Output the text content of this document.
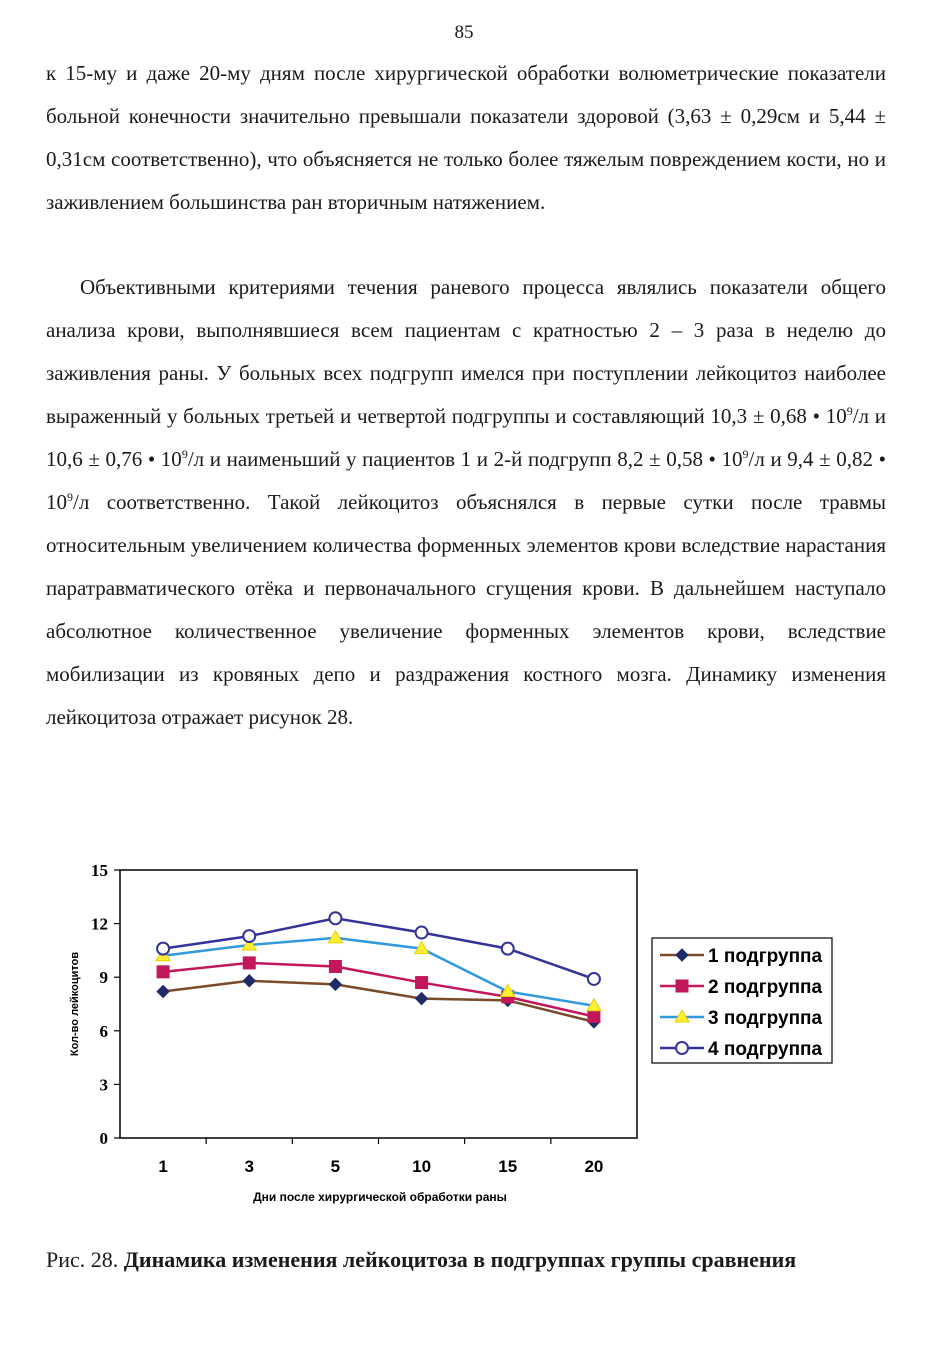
85

к 15-му и даже 20-му дням после хирургической обработки волюметрические показатели больной конечности значительно превышали показатели здоровой (3,63 ± 0,29см и 5,44 ± 0,31см соответственно), что объясняется не только более тяжелым повреждением кости, но и заживлением большинства ран вторичным натяжением.

Объективными критериями течения раневого процесса являлись показатели общего анализа крови, выполнявшиеся всем пациентам с кратностью 2 – 3 раза в неделю до заживления раны. У больных всех подгрупп имелся при поступлении лейкоцитоз наиболее выраженный у больных третьей и четвертой подгруппы и составляющий 10,3 ± 0,68 • $10^9/л$ и 10,6 ± 0,76 • $10^9/л$ и наименьший у пациентов 1 и 2-й подгрупп 8,2 ± 0,58 • $10^9/л$ и 9,4 ± 0,82 • $10^9/л$ соответственно. Такой лейкоцитоз объяснялся в первые сутки после травмы относительным увеличением количества форменных элементов крови вследствие нарастания паратравматического отёка и первоначального сгущения крови. В дальнейшем наступало абсолютное количественное увеличение форменных элементов крови, вследствие мобилизации из кровяных депо и раздражения костного мозга. Динамику изменения лейкоцитоза отражает рисунок 28.

0
3
6
9
12
15
1	3	5	10	15	20
Кол-во лейкоцитов
Дни после хирургической обработки раны
1 подгруппа
2 подгруппа
3 подгруппа
4 подгруппа
Рис. 28. Динамика изменения лейкоцитоза в подгруппах группы сравнения
